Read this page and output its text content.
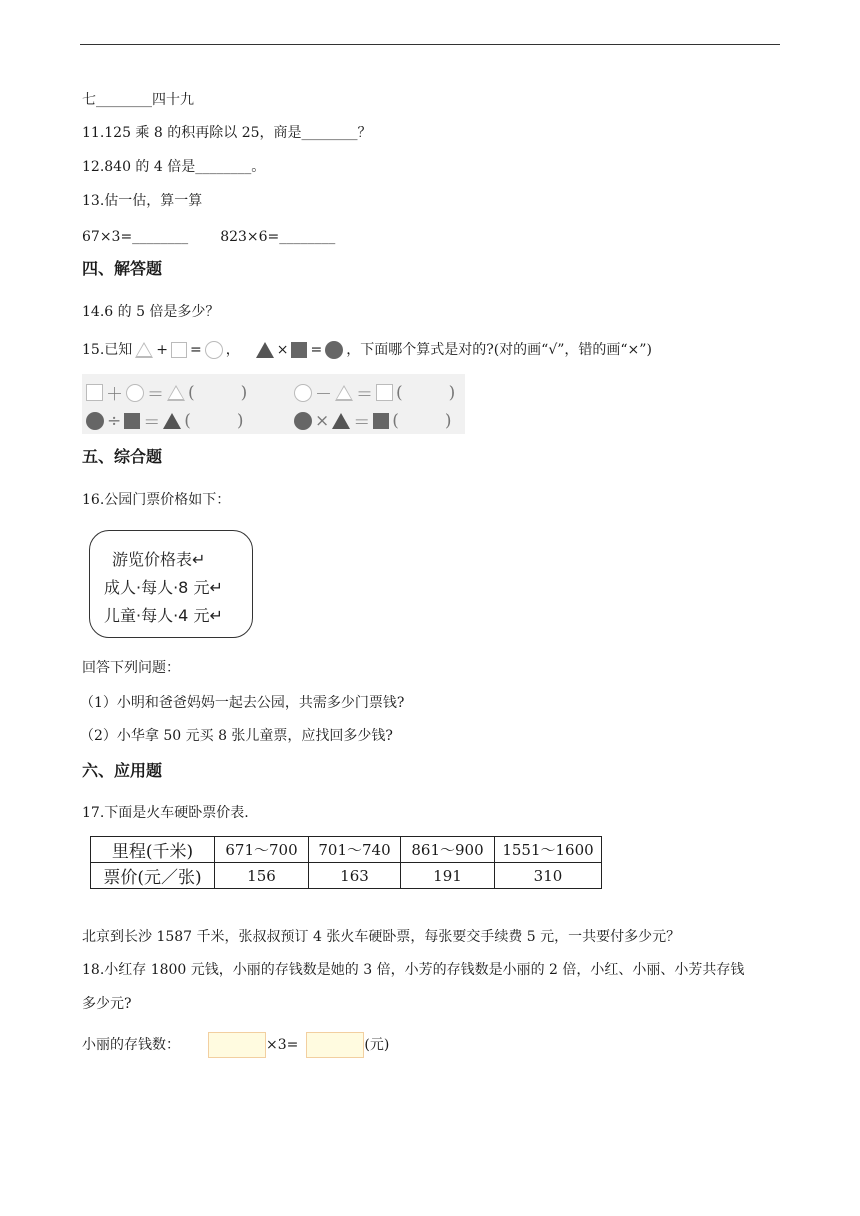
七________四十九
11.125 乘 8 的积再除以 25，商是________？
12.840 的 4 倍是________。
13.估一估，算一算
67×3=________ 823×6=________
四、解答题
14.6 的 5 倍是多少？
15.已知 + = ，	× = ，下面哪个算式是对的?(对的画“√”，错的画“×”)
＋ ＝ (	)	－ ＝ (	)
÷ ＝ (	)	× ＝ (	)
五、综合题
16.公园门票价格如下：
游览价格表↵
成人·每人·8 元↵
儿童·每人·4 元↵
回答下列问题：
（1）小明和爸爸妈妈一起去公园，共需多少门票钱?
（2）小华拿 50 元买 8 张儿童票，应找回多少钱?
六、应用题
17.下面是火车硬卧票价表.
里程(千米)	671～700	701～740	861～900	1551～1600
票价(元／张)	156	163	191	310
北京到长沙 1587 千米，张叔叔预订 4 张火车硬卧票，每张要交手续费 5 元，一共要付多少元？
18.小红存 1800 元钱，小丽的存钱数是她的 3 倍，小芳的存钱数是小丽的 2 倍，小红、小丽、小芳共存钱
多少元?
小丽的存钱数：	×3=	(元)
